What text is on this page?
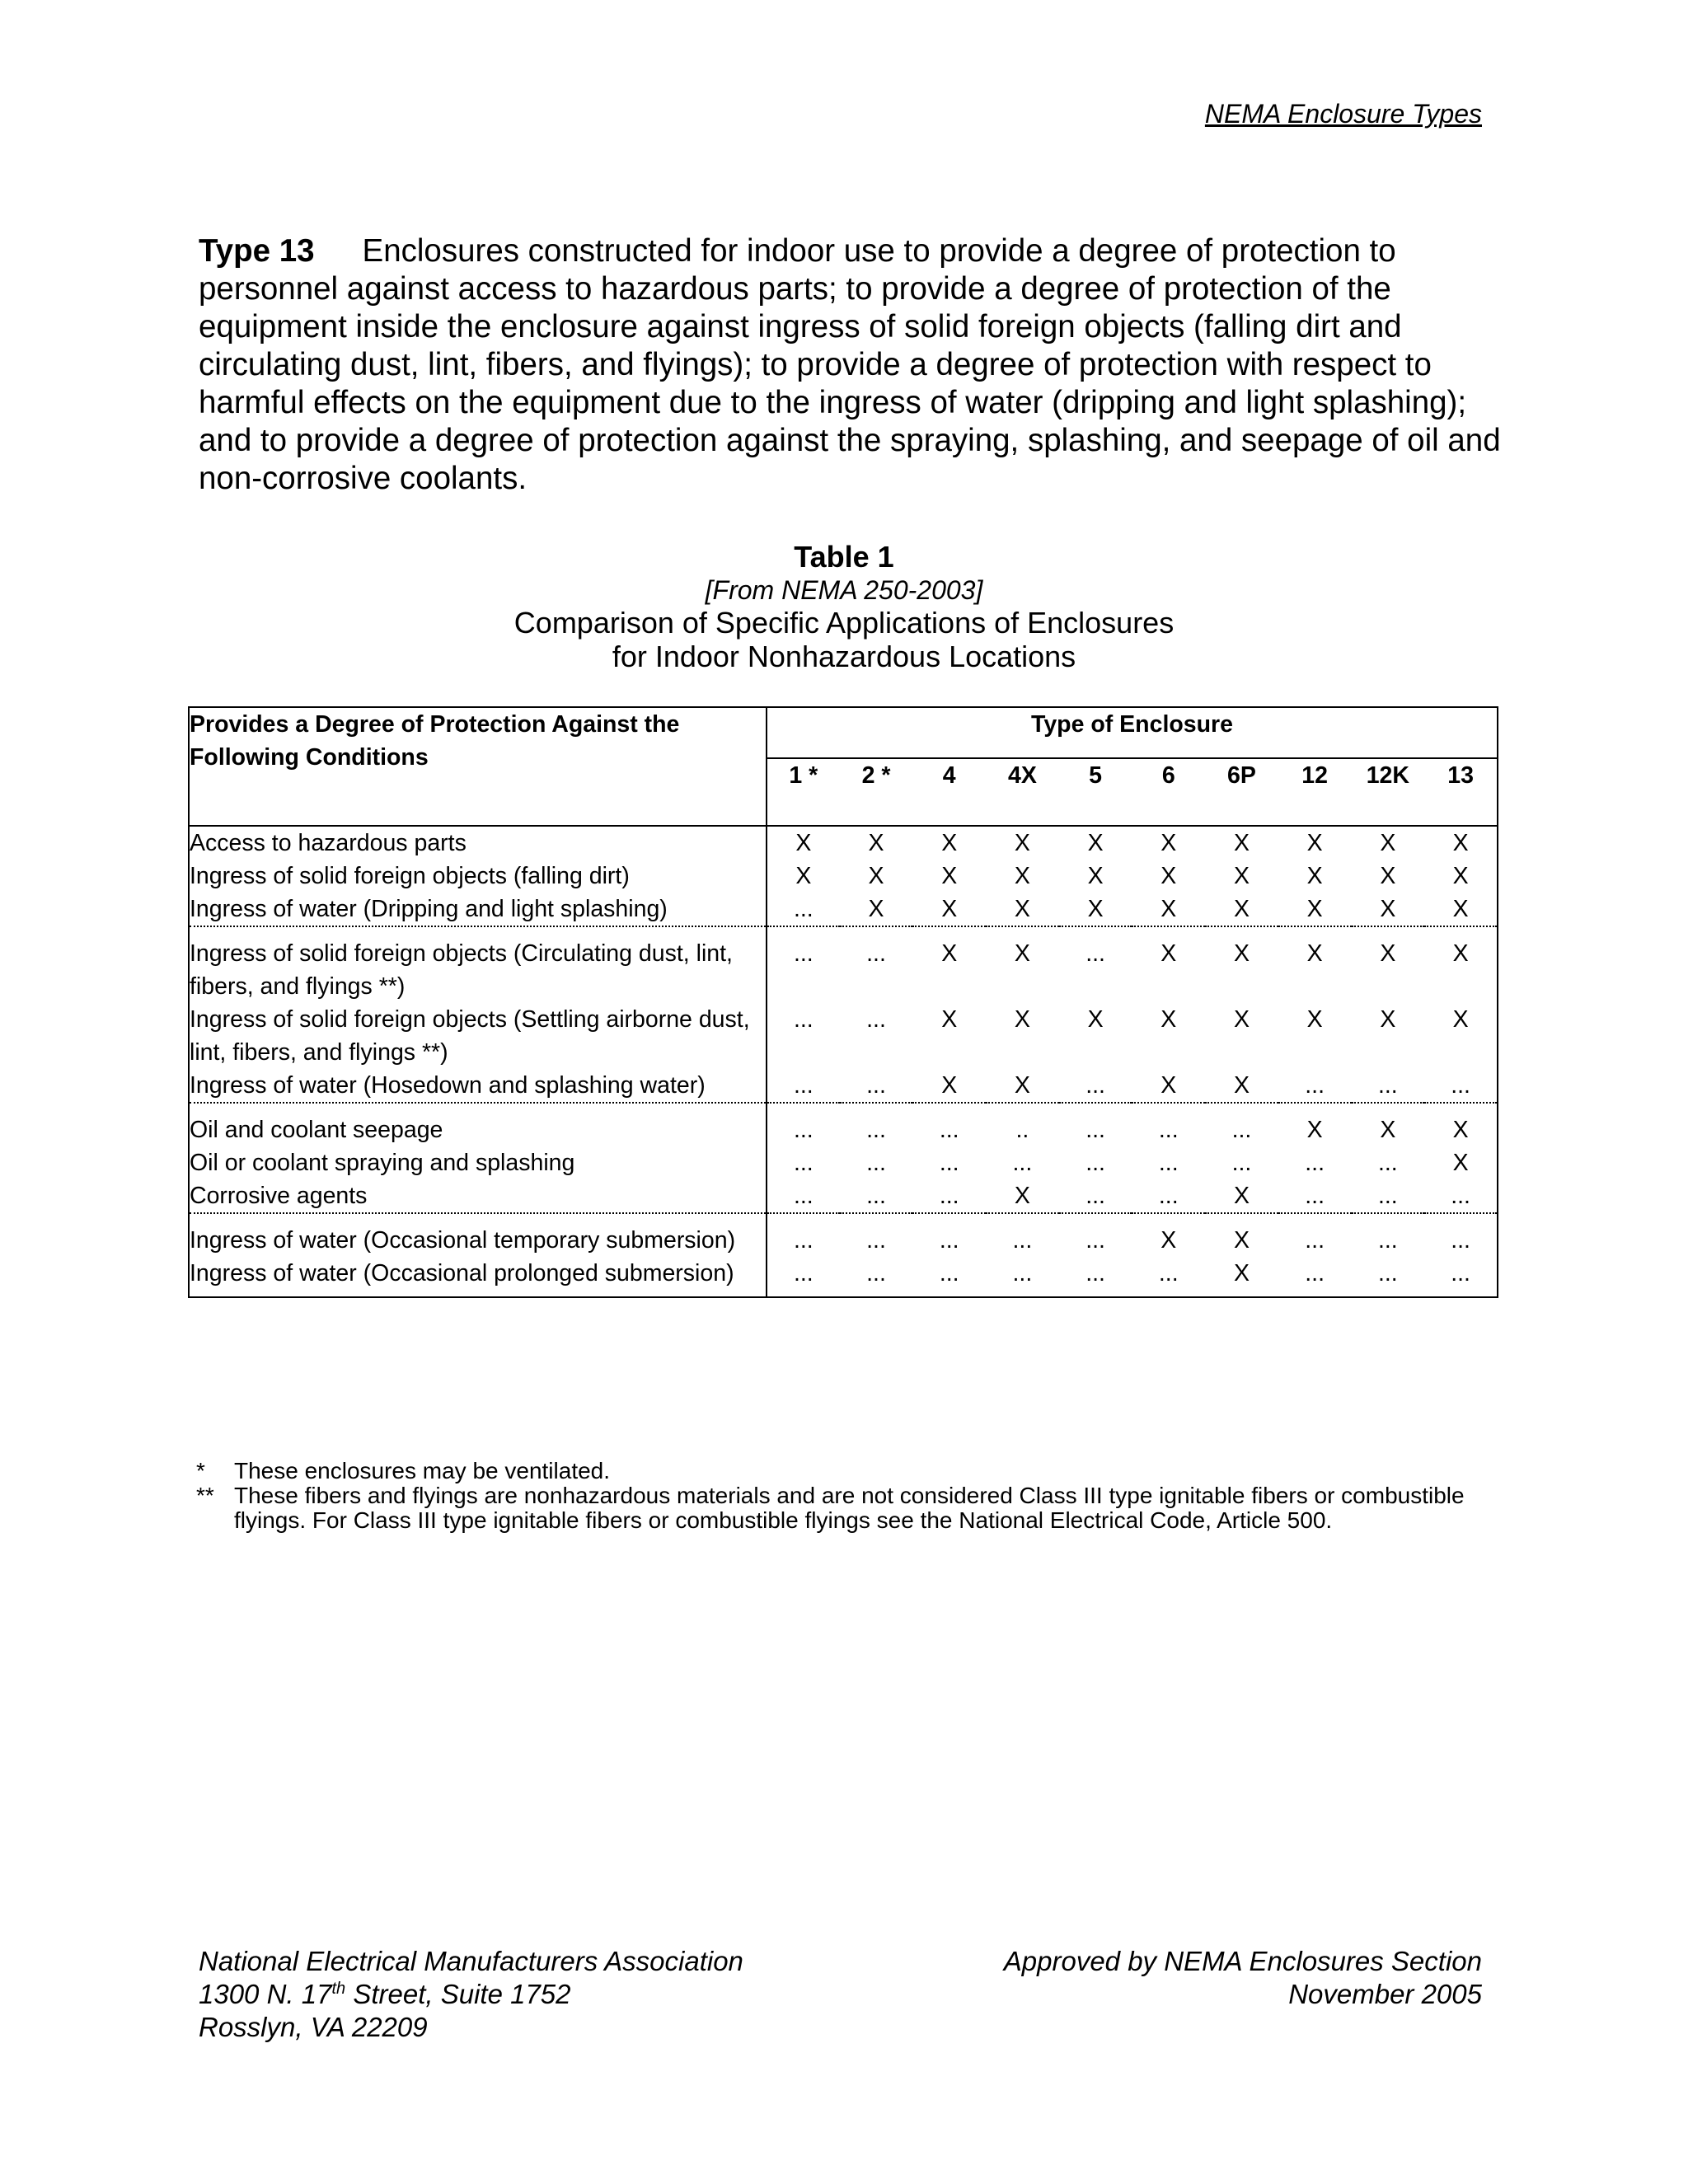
NEMA Enclosure Types
Type 13 Enclosures constructed for indoor use to provide a degree of protection to personnel against access to hazardous parts; to provide a degree of protection of the equipment inside the enclosure against ingress of solid foreign objects (falling dirt and circulating dust, lint, fibers, and flyings); to provide a degree of protection with respect to harmful effects on the equipment due to the ingress of water (dripping and light splashing); and to provide a degree of protection against the spraying, splashing, and seepage of oil and non-corrosive coolants.
Table 1
[From NEMA 250-2003]
Comparison of Specific Applications of Enclosures
for Indoor Nonhazardous Locations
Provides a Degree of Protection Against the Following Conditions	Type of Enclosure									
	1 *	2 *	4	4X	5	6	6P	12	12K	13
Access to hazardous parts	X	X	X	X	X	X	X	X	X	X
Ingress of solid foreign objects (falling dirt)	X	X	X	X	X	X	X	X	X	X
Ingress of water (Dripping and light splashing)	...	X	X	X	X	X	X	X	X	X
Ingress of solid foreign objects (Circulating dust, lint, fibers, and flyings **)	...	...	X	X	...	X	X	X	X	X
Ingress of solid foreign objects (Settling airborne dust, lint, fibers, and flyings **)	...	...	X	X	X	X	X	X	X	X
Ingress of water (Hosedown and splashing water)	...	...	X	X	...	X	X	...	...	...
Oil and coolant seepage	...	...	...	..	...	...	...	X	X	X
Oil or coolant spraying and splashing	...	...	...	...	...	...	...	...	...	X
Corrosive agents	...	...	...	X	...	...	X	...	...	...
Ingress of water (Occasional temporary submersion)	...	...	...	...	...	X	X	...	...	...
Ingress of water (Occasional prolonged submersion)	...	...	...	...	...	...	X	...	...	...
*	These enclosures may be ventilated.
** These fibers and flyings are nonhazardous materials and are not considered Class III type ignitable fibers or combustible flyings. For Class III type ignitable fibers or combustible flyings see the National Electrical Code, Article 500.
National Electrical Manufacturers Association
1300 N. 17th Street, Suite 1752
Rosslyn, VA 22209
Approved by NEMA Enclosures Section
November 2005
